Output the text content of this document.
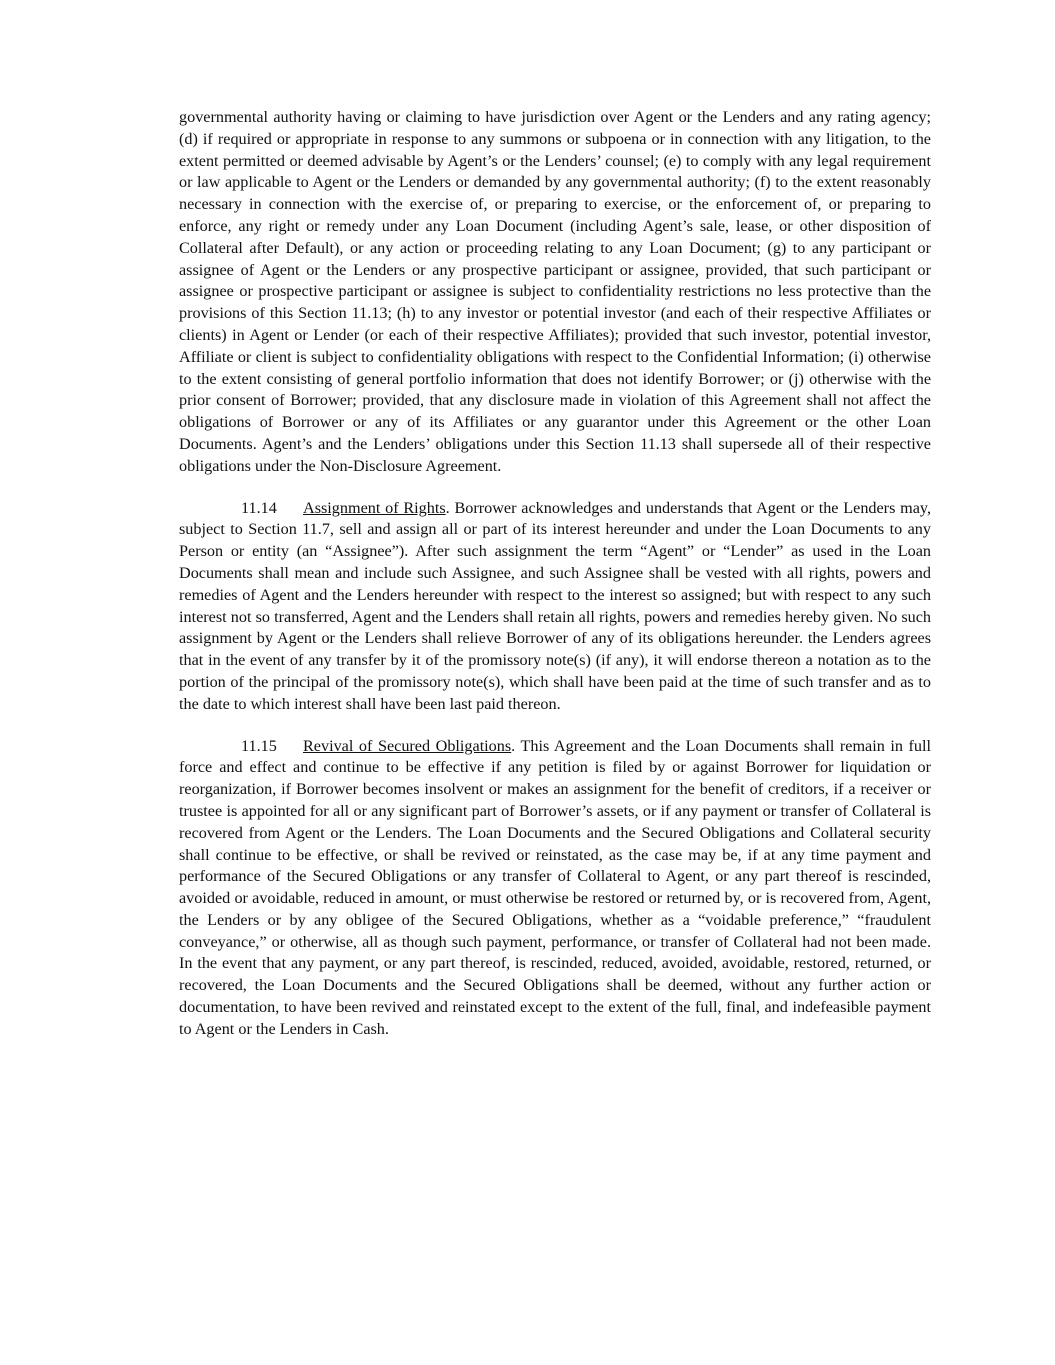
governmental authority having or claiming to have jurisdiction over Agent or the Lenders and any rating agency; (d) if required or appropriate in response to any summons or subpoena or in connection with any litigation, to the extent permitted or deemed advisable by Agent’s or the Lenders’ counsel; (e) to comply with any legal requirement or law applicable to Agent or the Lenders or demanded by any governmental authority; (f) to the extent reasonably necessary in connection with the exercise of, or preparing to exercise, or the enforcement of, or preparing to enforce, any right or remedy under any Loan Document (including Agent’s sale, lease, or other disposition of Collateral after Default), or any action or proceeding relating to any Loan Document; (g) to any participant or assignee of Agent or the Lenders or any prospective participant or assignee, provided, that such participant or assignee or prospective participant or assignee is subject to confidentiality restrictions no less protective than the provisions of this Section 11.13; (h) to any investor or potential investor (and each of their respective Affiliates or clients) in Agent or Lender (or each of their respective Affiliates); provided that such investor, potential investor, Affiliate or client is subject to confidentiality obligations with respect to the Confidential Information; (i) otherwise to the extent consisting of general portfolio information that does not identify Borrower; or (j) otherwise with the prior consent of Borrower; provided, that any disclosure made in violation of this Agreement shall not affect the obligations of Borrower or any of its Affiliates or any guarantor under this Agreement or the other Loan Documents. Agent’s and the Lenders’ obligations under this Section 11.13 shall supersede all of their respective obligations under the Non-Disclosure Agreement.

11.14 Assignment of Rights. Borrower acknowledges and understands that Agent or the Lenders may, subject to Section 11.7, sell and assign all or part of its interest hereunder and under the Loan Documents to any Person or entity (an “Assignee”). After such assignment the term “Agent” or “Lender” as used in the Loan Documents shall mean and include such Assignee, and such Assignee shall be vested with all rights, powers and remedies of Agent and the Lenders hereunder with respect to the interest so assigned; but with respect to any such interest not so transferred, Agent and the Lenders shall retain all rights, powers and remedies hereby given. No such assignment by Agent or the Lenders shall relieve Borrower of any of its obligations hereunder. the Lenders agrees that in the event of any transfer by it of the promissory note(s) (if any), it will endorse thereon a notation as to the portion of the principal of the promissory note(s), which shall have been paid at the time of such transfer and as to the date to which interest shall have been last paid thereon.

11.15 Revival of Secured Obligations. This Agreement and the Loan Documents shall remain in full force and effect and continue to be effective if any petition is filed by or against Borrower for liquidation or reorganization, if Borrower becomes insolvent or makes an assignment for the benefit of creditors, if a receiver or trustee is appointed for all or any significant part of Borrower’s assets, or if any payment or transfer of Collateral is recovered from Agent or the Lenders. The Loan Documents and the Secured Obligations and Collateral security shall continue to be effective, or shall be revived or reinstated, as the case may be, if at any time payment and performance of the Secured Obligations or any transfer of Collateral to Agent, or any part thereof is rescinded, avoided or avoidable, reduced in amount, or must otherwise be restored or returned by, or is recovered from, Agent, the Lenders or by any obligee of the Secured Obligations, whether as a “voidable preference,” “fraudulent conveyance,” or otherwise, all as though such payment, performance, or transfer of Collateral had not been made. In the event that any payment, or any part thereof, is rescinded, reduced, avoided, avoidable, restored, returned, or recovered, the Loan Documents and the Secured Obligations shall be deemed, without any further action or documentation, to have been revived and reinstated except to the extent of the full, final, and indefeasible payment to Agent or the Lenders in Cash.
